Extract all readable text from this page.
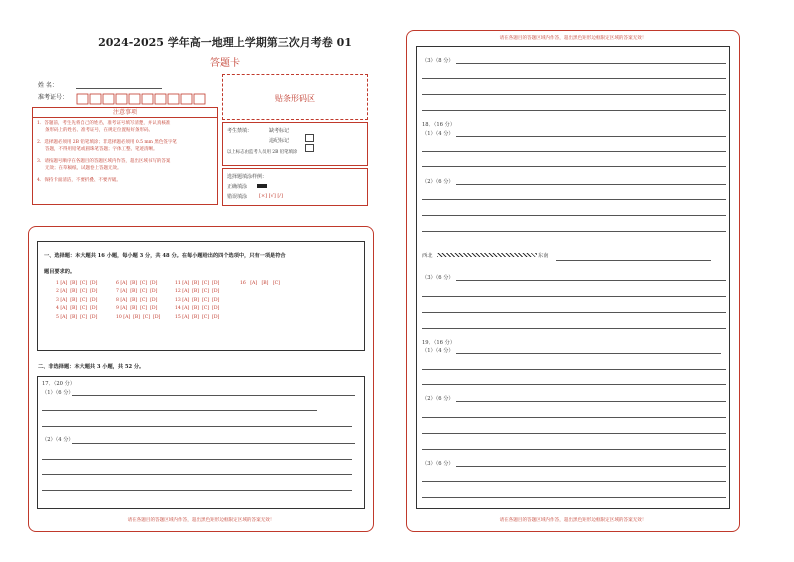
2024-2025 学年高一地理上学期第三次月考卷 01
答题卡
姓 名：
准考证号：	贴条形码区
注意事项
1．答题前，考生先将自己的姓名，准考证号填写清楚，并认真核准
条形码上的姓名、准考证号，在规定位置贴好条形码。
2．选择题必须用 2B 铅笔填涂；非选择题必须用 0.5 mm 黑色签字笔
答题，不得用铅笔或圆珠笔答题；字体工整、笔迹清晰。
3．请按题号顺序在各题目的答题区域内作答，超出区域书写的答案
无效；在草稿纸、试题卷上答题无效。
4．保持卡面清洁，不要折叠、不要弄破。
考生禁填：	缺考标记
违纪标记
以上标志由监考人员用 2B 铅笔填涂
选择题填涂样例：
正确填涂
错误填涂 [×] [√] [/]
一、选择题：本大题共 16 小题，每小题 3 分，共 48 分。在每小题给出的四个选项中，只有一项是符合
题目要求的。
1 [A]  [B]  [C]  [D]
2 [A]  [B]  [C]  [D]
3 [A]  [B]  [C]  [D]
4 [A]  [B]  [C]  [D]
5 [A]  [B]  [C]  [D]
6 [A]  [B]  [C]  [D]
7 [A]  [B]  [C]  [D]
8 [A]  [B]  [C]  [D]
9 [A]  [B]  [C]  [D]
10 [A]  [B]  [C]  [D]
11 [A]  [B]  [C]  [D]
12 [A]  [B]  [C]  [D]
13 [A]  [B]  [C]  [D]
14 [A]  [B]  [C]  [D]
15 [A]  [B]  [C]  [D]
16   [A]   [B]   [C]
二、非选择题：本大题共 3 小题，共 52 分。
17．（20 分）
（1）（6 分）
（2）（4 分）
请在各题目的答题区域内作答，超出黑色矩形边框限定区域的答案无效！
请在各题目的答题区域内作答，超出黑色矩形边框限定区域的答案无效！
（3）（8 分）
18．（16 分）
（1）（4 分）
（2）（6 分）
西北	东南
（3）（6 分）
19．（16 分）
（1）（4 分）
（2）（6 分）
（3）（6 分）
请在各题目的答题区域内作答，超出黑色矩形边框限定区域的答案无效！
